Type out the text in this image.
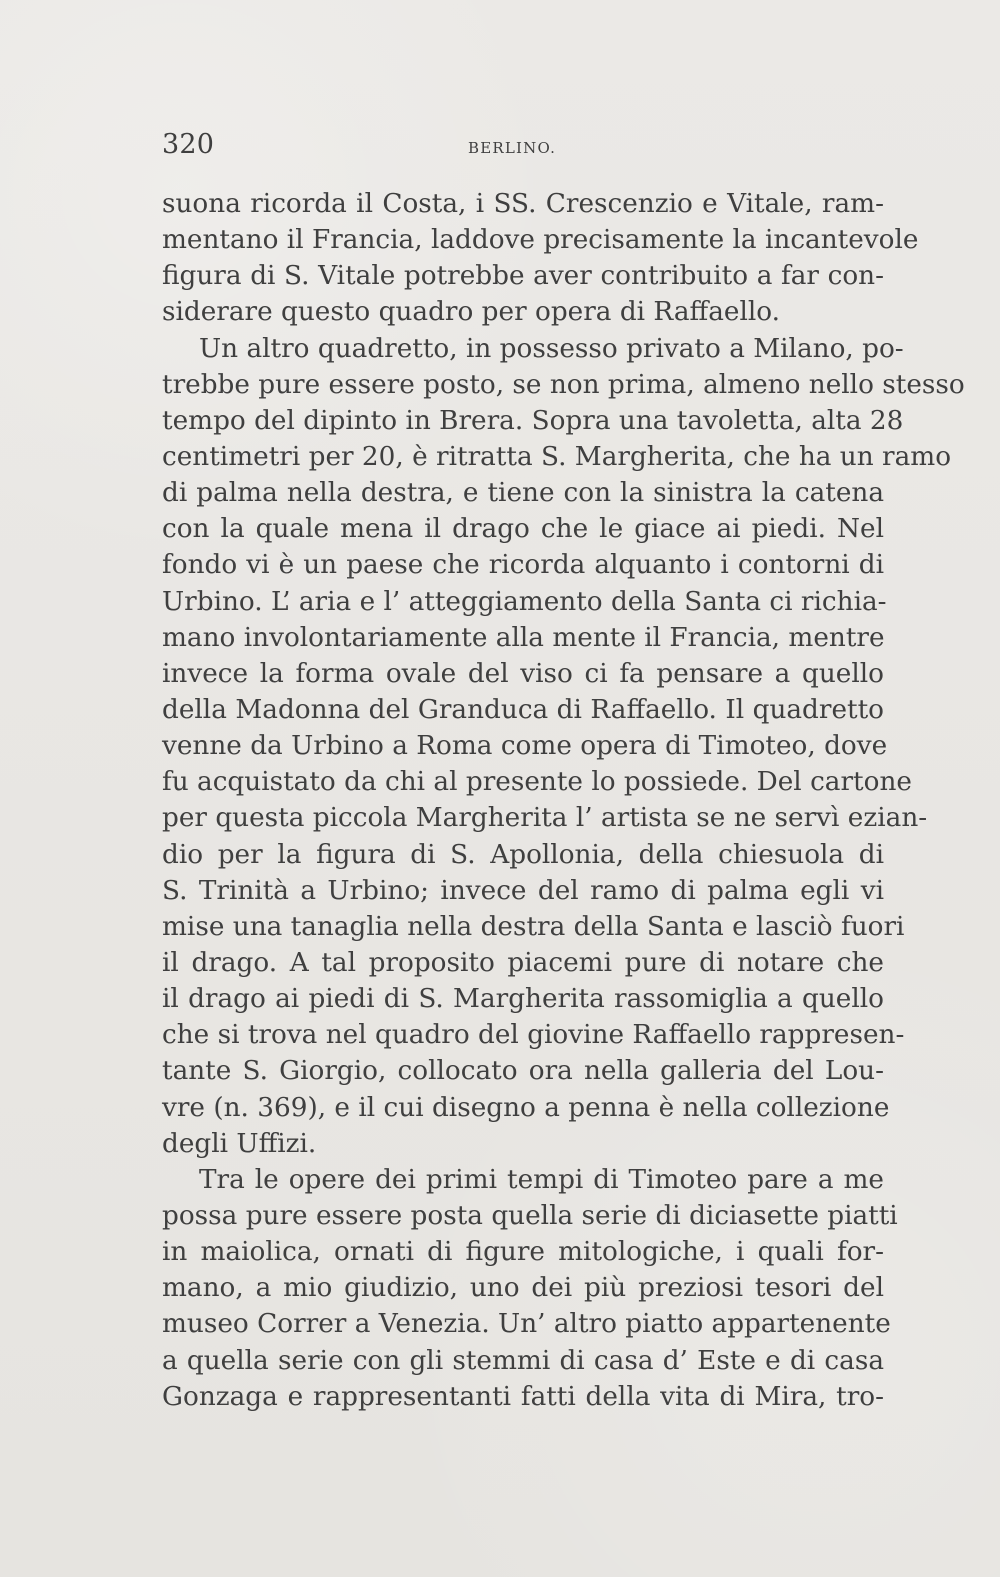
320	BERLINO.
suona ricorda il Costa, i SS. Crescenzio e Vitale, ram-
mentano il Francia, laddove precisamente la incantevole
figura di S. Vitale potrebbe aver contribuito a far con-
siderare questo quadro per opera di Raffaello.
Un altro quadretto, in possesso privato a Milano, po-
trebbe pure essere posto, se non prima, almeno nello stesso
tempo del dipinto in Brera. Sopra una tavoletta, alta 28
centimetri per 20, è ritratta S. Margherita, che ha un ramo
di palma nella destra, e tiene con la sinistra la catena
con la quale mena il drago che le giace ai piedi. Nel
fondo vi è un paese che ricorda alquanto i contorni di
Urbino. L’ aria e l’ atteggiamento della Santa ci richia-
mano involontariamente alla mente il Francia, mentre
invece la forma ovale del viso ci fa pensare a quello
della Madonna del Granduca di Raffaello. Il quadretto
venne da Urbino a Roma come opera di Timoteo, dove
fu acquistato da chi al presente lo possiede. Del cartone
per questa piccola Margherita l’ artista se ne servì ezian-
dio per la figura di S. Apollonia, della chiesuola di
S. Trinità a Urbino; invece del ramo di palma egli vi
mise una tanaglia nella destra della Santa e lasciò fuori
il drago. A tal proposito piacemi pure di notare che
il drago ai piedi di S. Margherita rassomiglia a quello
che si trova nel quadro del giovine Raffaello rappresen-
tante S. Giorgio, collocato ora nella galleria del Lou-
vre (n. 369), e il cui disegno a penna è nella collezione
degli Uffizi.
Tra le opere dei primi tempi di Timoteo pare a me
possa pure essere posta quella serie di diciasette piatti
in maiolica, ornati di figure mitologiche, i quali for-
mano, a mio giudizio, uno dei più preziosi tesori del
museo Correr a Venezia. Un’ altro piatto appartenente
a quella serie con gli stemmi di casa d’ Este e di casa
Gonzaga e rappresentanti fatti della vita di Mira, tro-
